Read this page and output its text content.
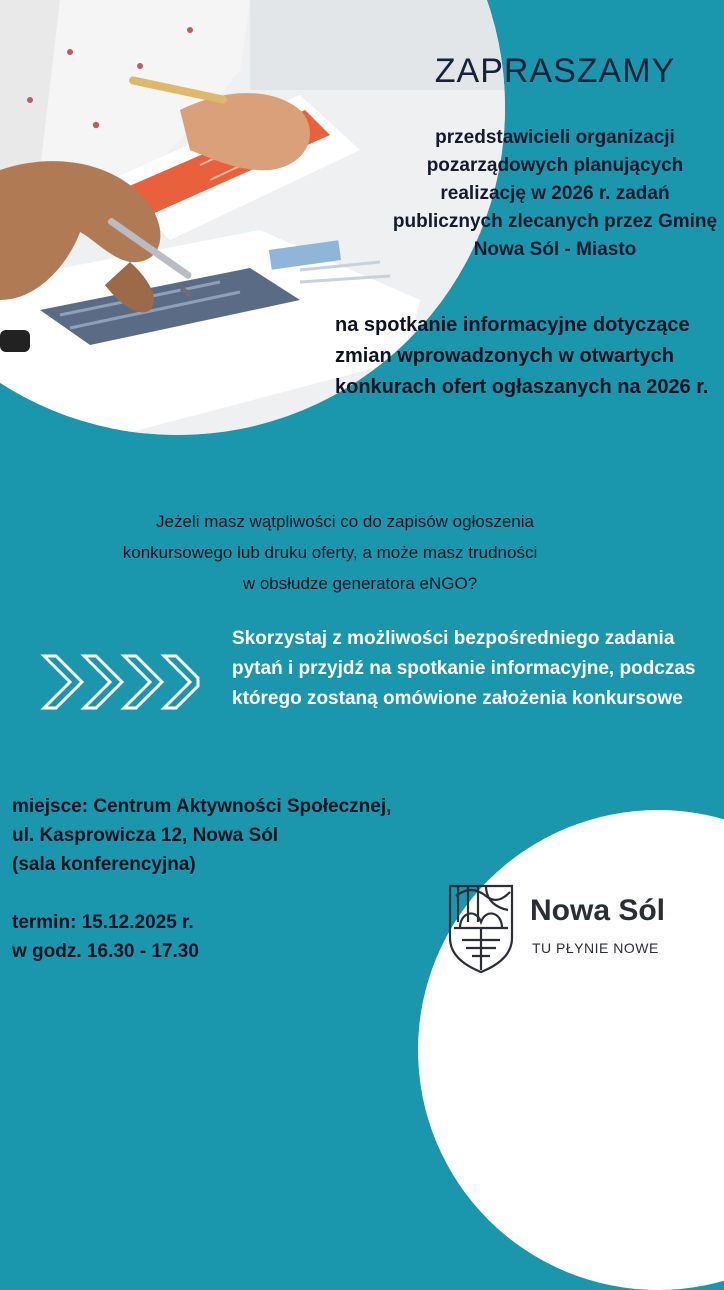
ZAPRASZAMY

przedstawicieli organizacji pozarządowych planujących realizację w 2026 r. zadań publicznych zlecanych przez Gminę Nowa Sól - Miasto

na spotkanie informacyjne dotyczące zmian wprowadzonych w otwartych konkurach ofert ogłaszanych na 2026 r.

Jeżeli masz wątpliwości co do zapisów ogłoszenia
konkursowego lub druku oferty, a może masz trudności
w obsłudze generatora eNGO?

Skorzystaj z możliwości bezpośredniego zadania pytań i przyjdź na spotkanie informacyjne, podczas którego zostaną omówione założenia konkursowe

miejsce: Centrum Aktywności Społecznej,
ul. Kasprowicza 12, Nowa Sól
(sala konferencyjna)

termin: 15.12.2025 r.
w godz. 16.30 - 17.30

Nowa Sól
TU PŁYNIE NOWE
